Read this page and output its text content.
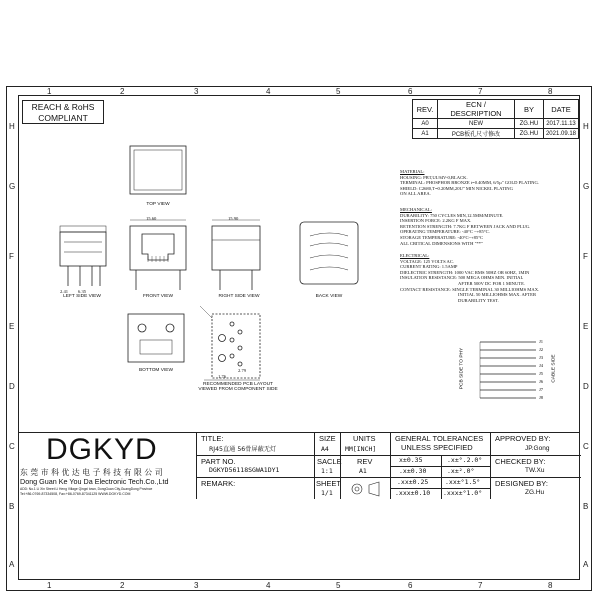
1	2	3	4	5	6	7	8
1	2	3	4	5	6	7	8
H
G
F
E
D
C
B
A
H
G
F
E
D
C
B
A
REACH & RoHS
COMPLIANT
REV.	ECN / DESCRIPTION	BY	DATE
A0	NEW	ZG.HU	2017.11.13
A1	PCB板孔尺寸修改	ZG.HU	2021.09.18
15.60	15.90
2.41 6.35
1.76
2.79
TOP VIEW
LEFT SIDE VIEW	FRONT VIEW	RIGHT SIDE VIEW	BACK VIEW
BOTTOM VIEW
RECOMMENDED PCB LAYOUT
VIEWED FROM COMPONENT SIDE
PCB SIDE TO PHY	CABLE SIDE
J1
J2
J3
J4
J5
J6
J7
J8
MATERIAL:
HOUSING: PBT,UL94V-0,BLACK.
TERMINAL: PHOSPHOR BRONZE t=0.40MM, 6/5µ" GOLD PLATING.
SHIELD: C2680,T=0.20MM,20U" MIN NICKEL PLATING
ON ALL AREA.
MECHANICAL:
DURABILITY: 750 CYCLES MIN,12.5MM/MINUTE.
INSERTION FORCE: 2.2KG F MAX.
RETENTION STRENGTH: 7.7KG F BETWEEN JACK AND PLUG.
OPERATING TEMPERATURE: -40°C ~+85°C.
STORAGE TEMPERATURE: -40°C~+85°C
ALL CRITICAL DIMENSIONS WITH "**"
ELECTRICAL:
VOLTAGE: 125 VOLTS AC.
CURRENT RATING: 1.5AMP
DIELECTRIC STRENGTH: 1000 VAC RMS 50HZ OR 60HZ, 1MIN
INSULATION RESISTANCE: 500 MEGA OHMS MIN. INITIAL
AFTER 500V DC FOR 1 MINUTE.
CONTACT RESISTANCE: SINGLE TERMINAL 30 MILLIOHMS MAX.
INITIAL 50 MILLIOHMS MAX. AFTER
DURABILITY TEST.
DGKYD
东 莞 市 科 优 达 电 子 科 技 有 限 公 司
Dong Guan Ke You Da Electronic Tech.Co.,Ltd
ADD: No.1 Li Xin Street Li Heng Village Qingxi town, DongGuan City,GuangDong Province
Tel:+86-0769-87334508, Fax:+86-0769-87341125 WWW.DGKYD.COM
TITLE:
RJ45直通 56骨屏蔽无灯
PART NO.
DGKYD56118SGWA1DY1
REMARK:
SIZE
A4
SACLE
1:1
SHEET
1/1
UNITS
MM[INCH]
REV
A1
GENERAL TOLERANCES
UNLESS SPECIFIED
x±0.35	.x±°.2.0°
.x±0.30	.x±².0°
.xx±0.25	.xx±°1.5°
.xxx±0.10 .xxx±°1.0°
APPROVED BY:
JP.Gong
CHECKED BY:
TW.Xu
DESIGNED BY:
ZG.Hu
